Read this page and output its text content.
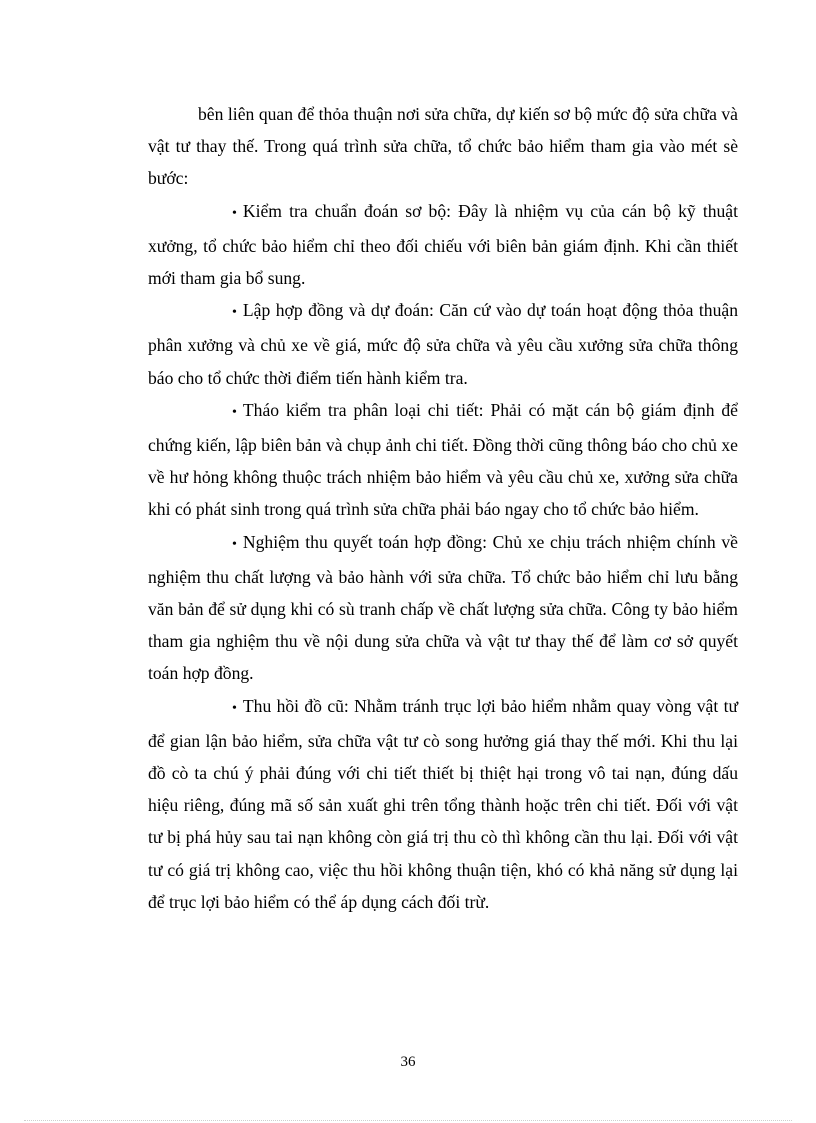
bên liên quan để thỏa thuận nơi sửa chữa, dự kiến sơ bộ mức độ sửa chữa và vật tư thay thế. Trong quá trình sửa chữa, tổ chức bảo hiểm tham gia vào mét sè bước:

• Kiểm tra chuẩn đoán sơ bộ: Đây là nhiệm vụ của cán bộ kỹ thuật xưởng, tổ chức bảo hiểm chỉ theo đối chiếu với biên bản giám định. Khi cần thiết mới tham gia bổ sung.

• Lập hợp đồng và dự đoán: Căn cứ vào dự toán hoạt động thỏa thuận phân xưởng và chủ xe về giá, mức độ sửa chữa và yêu cầu xưởng sửa chữa thông báo cho tổ chức thời điểm tiến hành kiểm tra.

• Tháo kiểm tra phân loại chi tiết: Phải có mặt cán bộ giám định để chứng kiến, lập biên bản và chụp ảnh chi tiết. Đồng thời cũng thông báo cho chủ xe về hư hỏng không thuộc trách nhiệm bảo hiểm và yêu cầu chủ xe, xưởng sửa chữa khi có phát sinh trong quá trình sửa chữa phải báo ngay cho tổ chức bảo hiểm.

• Nghiệm thu quyết toán hợp đồng: Chủ xe chịu trách nhiệm chính về nghiệm thu chất lượng và bảo hành với sửa chữa. Tổ chức bảo hiểm chỉ lưu bằng văn bản để sử dụng khi có sù tranh chấp về chất lượng sửa chữa. Công ty bảo hiểm tham gia nghiệm thu về nội dung sửa chữa và vật tư thay thế để làm cơ sở quyết toán hợp đồng.

• Thu hồi đồ cũ: Nhằm tránh trục lợi bảo hiểm nhằm quay vòng vật tư để gian lận bảo hiểm, sửa chữa vật tư cò song hưởng giá thay thế mới. Khi thu lại đồ cò ta chú ý phải đúng với chi tiết thiết bị thiệt hại trong vô tai nạn, đúng dấu hiệu riêng, đúng mã số sản xuất ghi trên tổng thành hoặc trên chi tiết. Đối với vật tư bị phá hủy sau tai nạn không còn giá trị thu cò thì không cần thu lại. Đối với vật tư có giá trị không cao, việc thu hồi không thuận tiện, khó có khả năng sử dụng lại để trục lợi bảo hiểm có thể áp dụng cách đối trừ.

36
